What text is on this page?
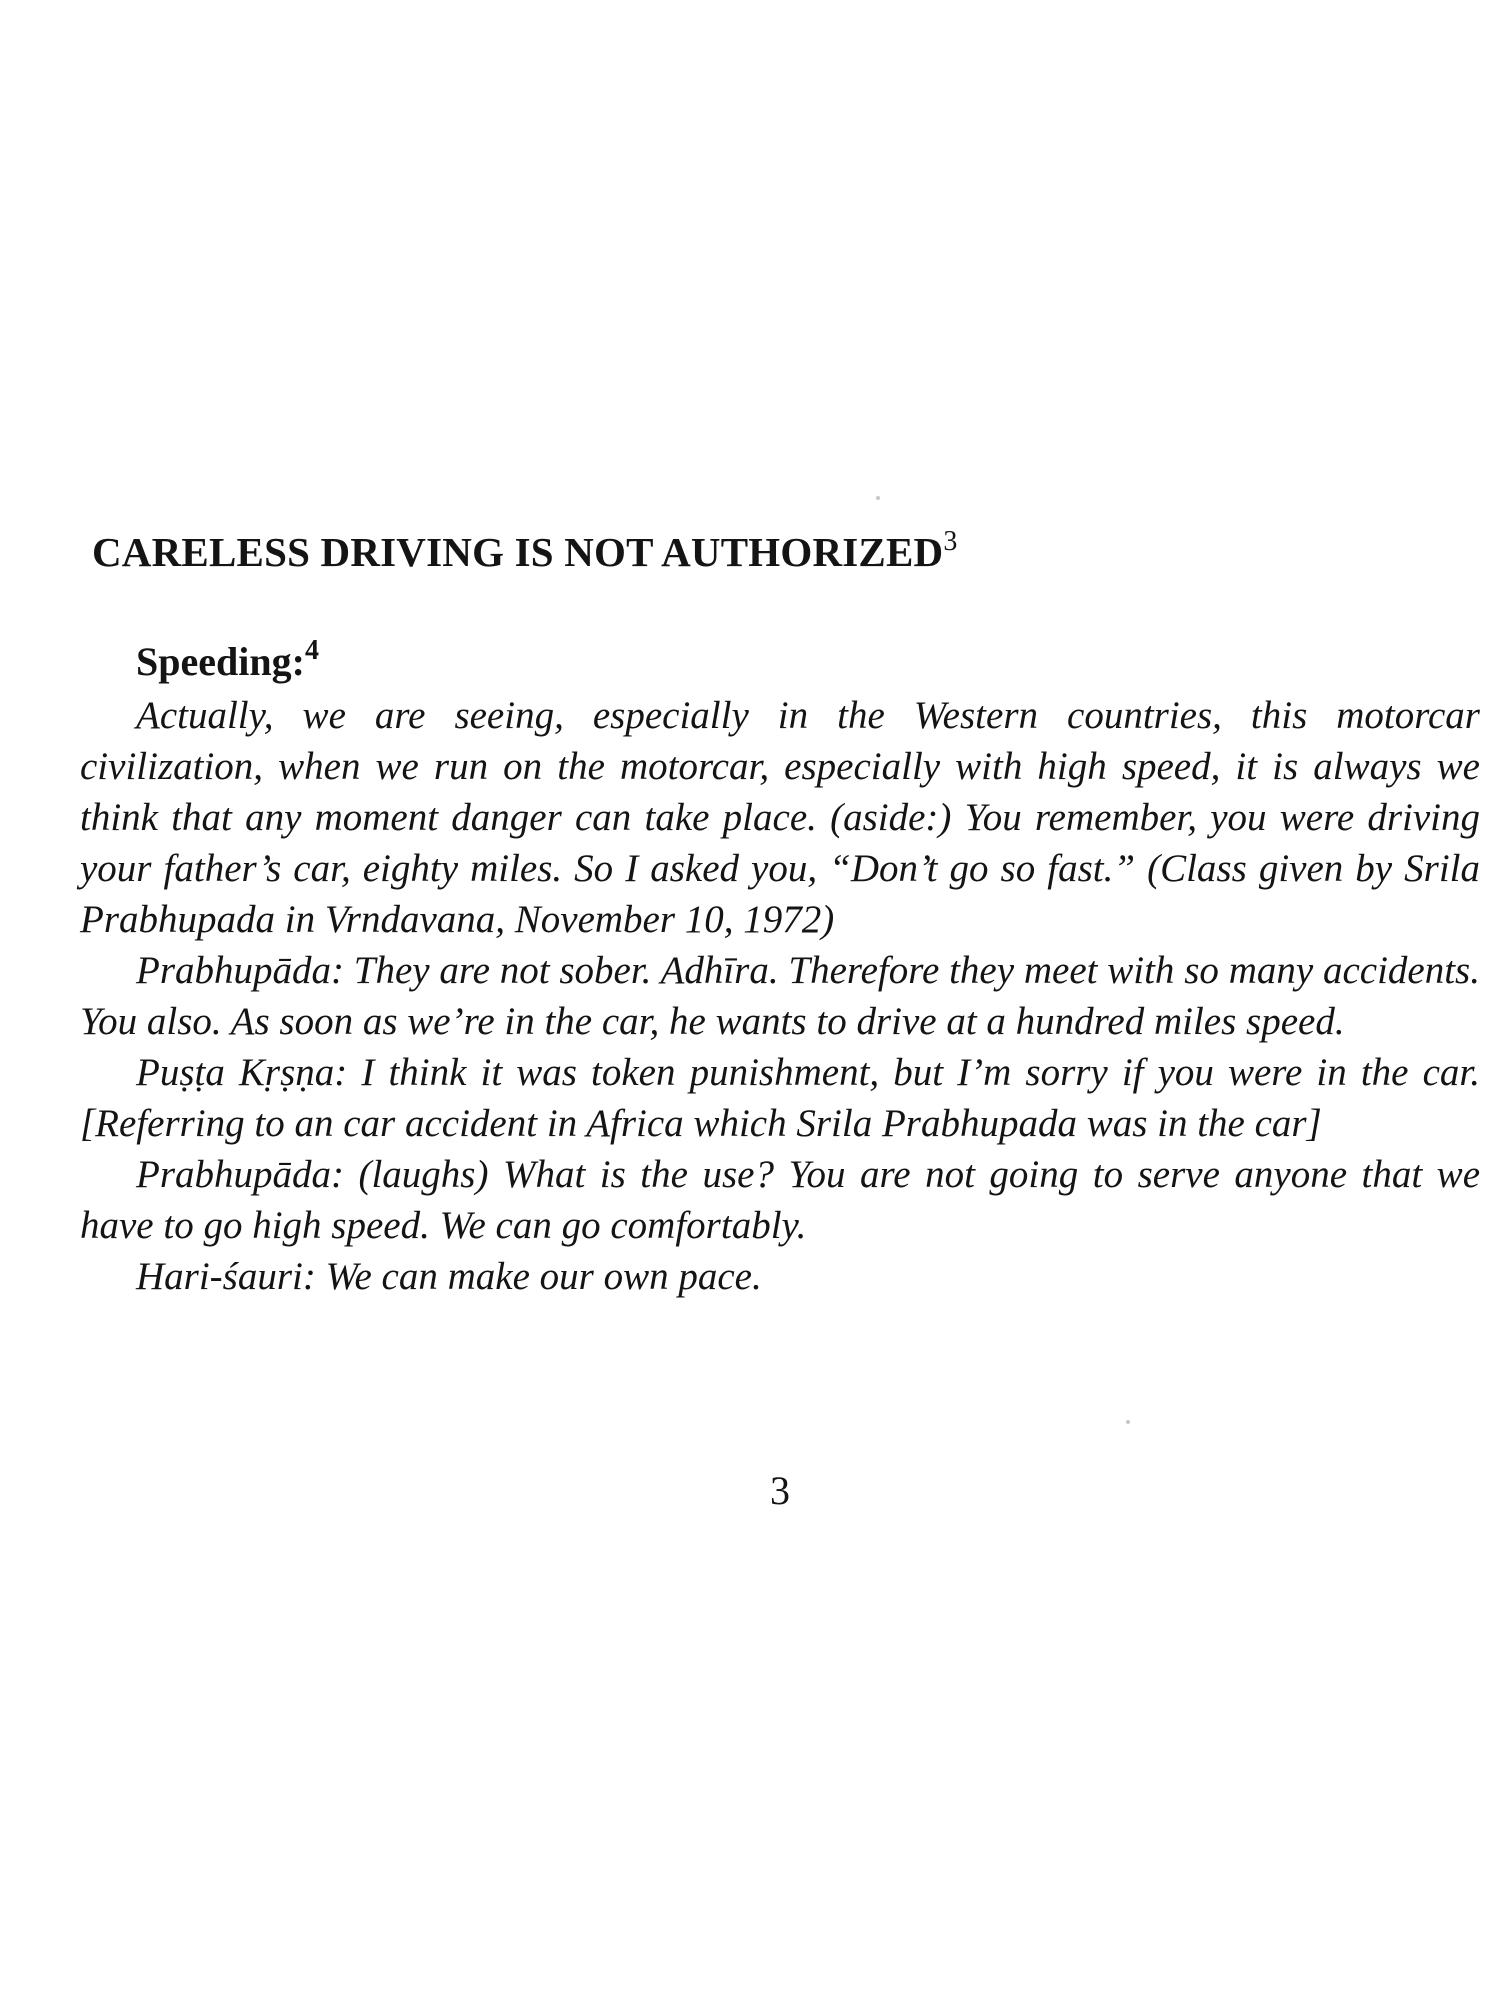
CARELESS DRIVING IS NOT AUTHORIZED$^3$
Speeding:$^4$

Actually, we are seeing, especially in the Western countries, this motorcar civilization, when we run on the motorcar, especially with high speed, it is always we think that any moment danger can take place. (aside:) You remember, you were driving your father’s car, eighty miles. So I asked you, “Don’t go so fast.” (Class given by Srila Prabhupada in Vrndavana, November 10, 1972)

Prabhupāda: They are not sober. Adhīra. Therefore they meet with so many accidents. You also. As soon as we’re in the car, he wants to drive at a hundred miles speed.

Puṣṭa Kṛṣṇa: I think it was token punishment, but I’m sorry if you were in the car. [Referring to an car accident in Africa which Srila Prabhupada was in the car]

Prabhupāda: (laughs) What is the use? You are not going to serve anyone that we have to go high speed. We can go comfortably.

Hari-śauri: We can make our own pace.

3
